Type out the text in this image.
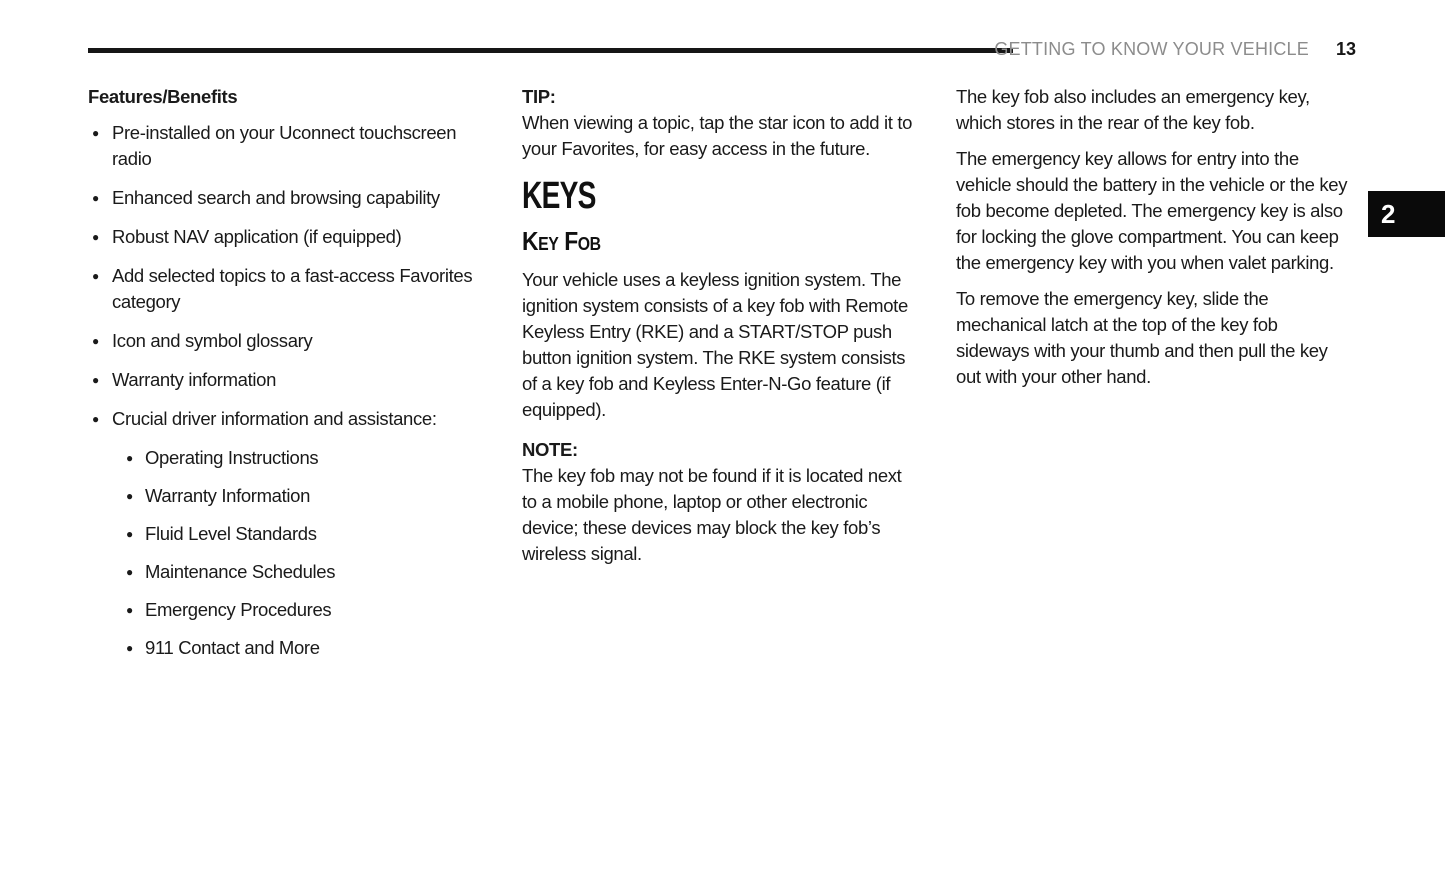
GETTING TO KNOW YOUR VEHICLE 13
2

Features/Benefits

● Pre-installed on your Uconnect touchscreen radio
● Enhanced search and browsing capability
● Robust NAV application (if equipped)
● Add selected topics to a fast-access Favorites category
● Icon and symbol glossary
● Warranty information
● Crucial driver information and assistance:
● Operating Instructions
● Warranty Information
● Fluid Level Standards
● Maintenance Schedules
● Emergency Procedures
● 911 Contact and More

TIP:

When viewing a topic, tap the star icon to add it to your Favorites, for easy access in the future.

KEYS
Key Fob

Your vehicle uses a keyless ignition system. The ignition system consists of a key fob with Remote Keyless Entry (RKE) and a START/STOP push button ignition system. The RKE system consists of a key fob and Keyless Enter-N-Go feature (if equipped).

NOTE:

The key fob may not be found if it is located next to a mobile phone, laptop or other electronic device; these devices may block the key fob’s wireless signal.

The key fob also includes an emergency key, which stores in the rear of the key fob.

The emergency key allows for entry into the vehicle should the battery in the vehicle or the key fob become depleted. The emergency key is also for locking the glove compartment. You can keep the emergency key with you when valet parking.

To remove the emergency key, slide the mechanical latch at the top of the key fob sideways with your thumb and then pull the key out with your other hand.
